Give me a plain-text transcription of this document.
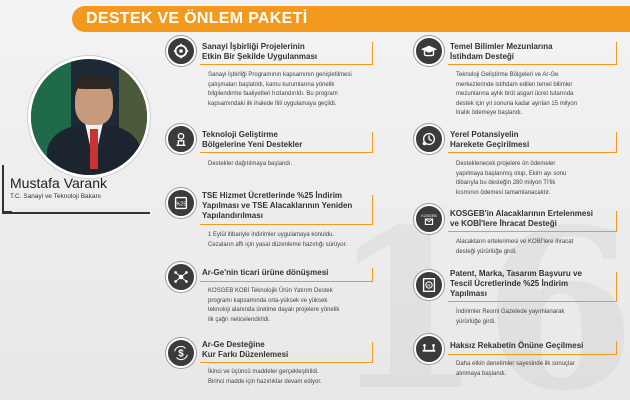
DESTEK VE ÖNLEM PAKETİ
Mustafa Varank
T.C. Sanayi ve Teknoloji Bakanı
Sanayi İşbirliği Projelerinin
Etkin Bir Şekilde Uygulanması
Sanayi İşbirliği Programının kapsamının genişletilmesi
çalışmaları başlatıldı, kamu kurumlarına yönelik
bilgilendirme faaliyetleri hızlandırıldı. Bu program
kapsamındaki ilk ihalede fiili uygulamaya geçildi.
Teknoloji Geliştirme
Bölgelerine Yeni Destekler
Destekler dağıtılmaya başlandı.
%25
TSE Hizmet Ücretlerinde %25 İndirim
Yapılması ve TSE Alacaklarının Yeniden
Yapılandırılması
1 Eylül itibariyle indirimler uygulamaya konuldu.
Cezaların affı için yasal düzenleme hazırlığı sürüyor.
Ar-Ge'nin ticari ürüne dönüşmesi
KOSGEB KOBİ Teknolojik Ürün Yatırım Destek
programı kapsamında orta-yüksek ve yüksek
teknoloji alanında üretime dayalı projelere yönelik
ilk çağrı neticelendirildi.
$
Ar-Ge Desteğine
Kur Farkı Düzenlemesi
İkinci ve üçüncü maddeler gerçekleştirildi.
Birinci madde için hazırlıklar devam ediyor.
Temel Bilimler Mezunlarına
İstihdam Desteği
Teknoloji Geliştirme Bölgeleri ve Ar-Ge
merkezlerinde istihdam edilen temel bilimler
mezunlarına aylık brüt asgari ücret tutarında
destek için yıl sonuna kadar ayrılan 15 milyon
liralık ödemeye başlandı.
Yerel Potansiyelin
Harekete Geçirilmesi
Desteklenecek projelere ön ödemeler
yapılmaya başlanmış olup, Ekim ayı sonu
itibarıyla bu desteğin 280 milyon TI'lik
kısmının ödemesi tamamlanacaktır.
KOSGEB KOSGEB'in Alacaklarının Ertelenmesi
ve KOBİ'lere İhracat Desteği
Alacakların ertelenmesi ve KOBİ'lere ihracat
desteği yürürlüğe girdi.
R
Patent, Marka, Tasarım Başvuru ve
Tescil Ücretlerinde %25 İndirim
Yapılması
İndirimler Resmi Gazetede yayımlanarak
yürürlüğe girdi.
Haksız Rekabetin Önüne Geçilmesi
Daha etkin denetimler sayesinde ilk sonuçlar
alınmaya başlandı.
